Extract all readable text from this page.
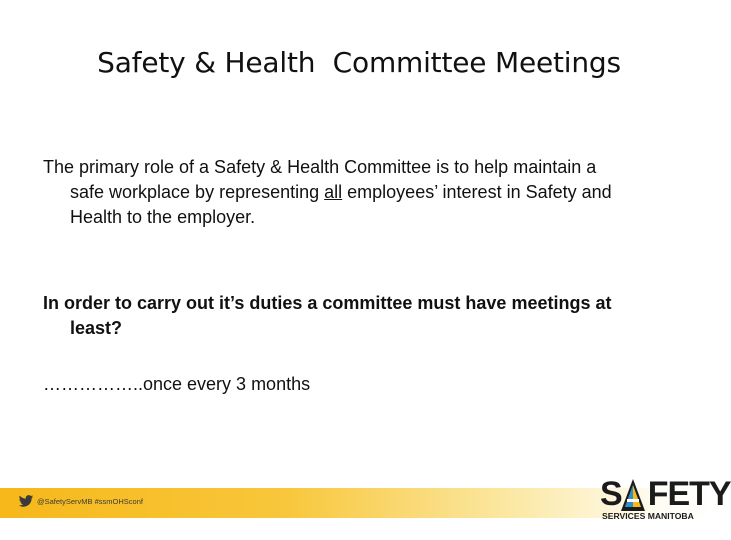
Safety & Health  Committee Meetings
The primary role of a Safety & Health Committee is to help maintain a
safe workplace by representing all employees’ interest in Safety and
Health to the employer.
In order to carry out it’s duties a committee must have meetings at
least?
……………..once every 3 months
@SafetyServMB #ssmOHSconf	S FETY
SERVICES MANITOBA
